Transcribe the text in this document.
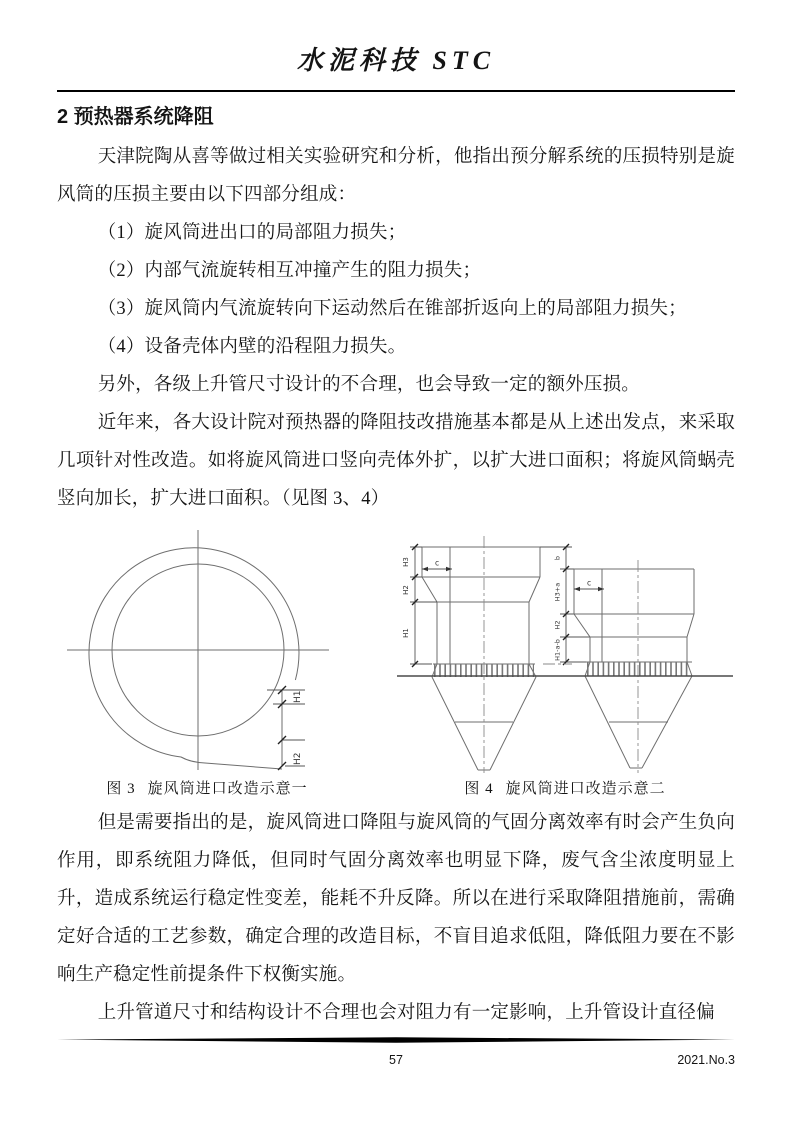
水泥科技 STC
2 预热器系统降阻

天津院陶从喜等做过相关实验研究和分析，他指出预分解系统的压损特别是旋风筒的压损主要由以下四部分组成：

（1）旋风筒进出口的局部阻力损失；

（2）内部气流旋转相互冲撞产生的阻力损失；

（3）旋风筒内气流旋转向下运动然后在锥部折返向上的局部阻力损失；

（4）设备壳体内壁的沿程阻力损失。

另外，各级上升管尺寸设计的不合理，也会导致一定的额外压损。

近年来，各大设计院对预热器的降阻技改措施基本都是从上述出发点，来采取几项针对性改造。如将旋风筒进口竖向壳体外扩，以扩大进口面积；将旋风筒蜗壳竖向加长，扩大进口面积。（见图 3、4）

H1
H2
图 3 旋风筒进口改造示意一
H3
H2
H1
c
b
H3+a
H2
H1-a-b
c
图 4 旋风筒进口改造示意二

但是需要指出的是，旋风筒进口降阻与旋风筒的气固分离效率有时会产生负向作用，即系统阻力降低，但同时气固分离效率也明显下降，废气含尘浓度明显上升，造成系统运行稳定性变差，能耗不升反降。所以在进行采取降阻措施前，需确定好合适的工艺参数，确定合理的改造目标，不盲目追求低阻，降低阻力要在不影响生产稳定性前提条件下权衡实施。

上升管道尺寸和结构设计不合理也会对阻力有一定影响，上升管设计直径偏

57	2021.No.3
